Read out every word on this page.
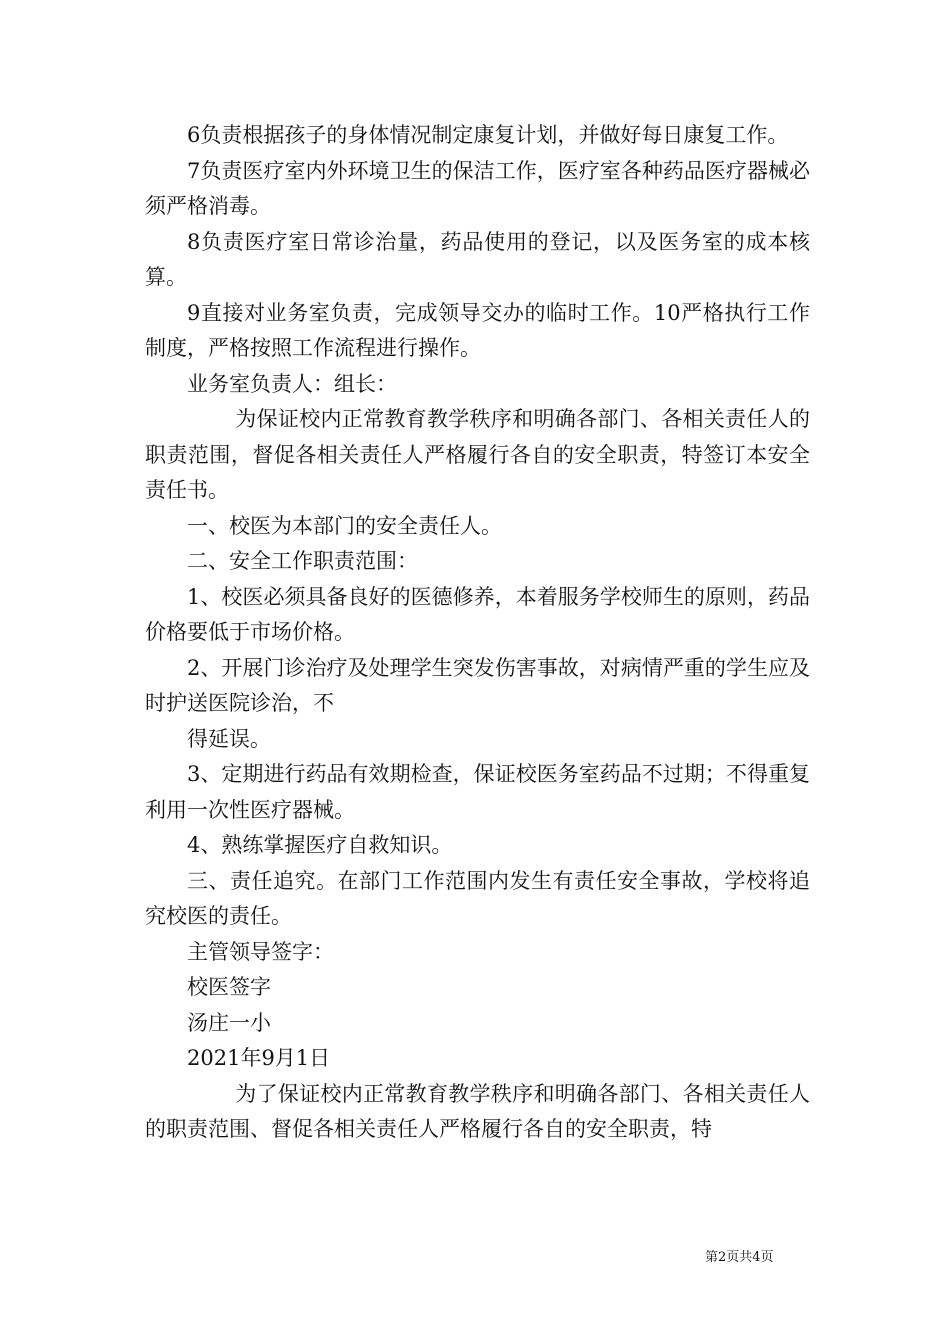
6负责根据孩子的身体情况制定康复计划，并做好每日康复工作。

7负责医疗室内外环境卫生的保洁工作，医疗室各种药品医疗器械必须严格消毒。

8负责医疗室日常诊治量，药品使用的登记，以及医务室的成本核算。

9直接对业务室负责，完成领导交办的临时工作。10严格执行工作制度，严格按照工作流程进行操作。

业务室负责人：组长：

为保证校内正常教育教学秩序和明确各部门、各相关责任人的职责范围，督促各相关责任人严格履行各自的安全职责，特签订本安全责任书。

一、校医为本部门的安全责任人。

二、安全工作职责范围：

1、校医必须具备良好的医德修养，本着服务学校师生的原则，药品价格要低于市场价格。

2、开展门诊治疗及处理学生突发伤害事故，对病情严重的学生应及时护送医院诊治，不

得延误。

3、定期进行药品有效期检查，保证校医务室药品不过期；不得重复利用一次性医疗器械。

4、熟练掌握医疗自救知识。

三、责任追究。在部门工作范围内发生有责任安全事故，学校将追究校医的责任。

主管领导签字：

校医签字

汤庄一小

2021年9月1日

为了保证校内正常教育教学秩序和明确各部门、各相关责任人的职责范围、督促各相关责任人严格履行各自的安全职责，特

第2页共4页
